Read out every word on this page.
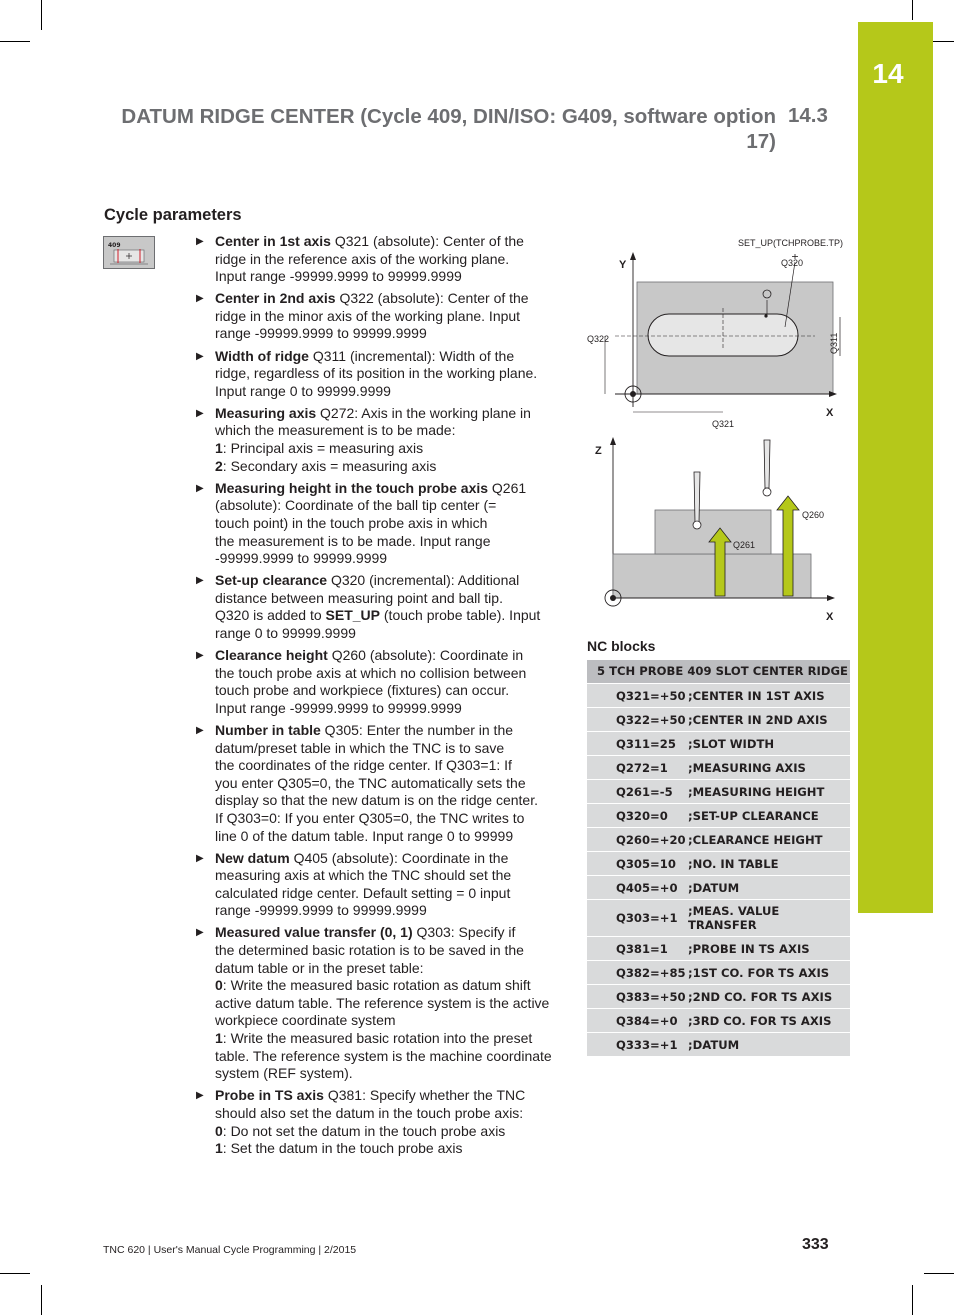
14
DATUM RIDGE CENTER (Cycle 409, DIN/ISO: G409, software option
17)
14.3
Cycle parameters
409	▶ Center in 1st axis Q321 (absolute): Center of the
ridge in the reference axis of the working plane.
Input range -99999.9999 to 99999.9999
▶ Center in 2nd axis Q322 (absolute): Center of the
ridge in the minor axis of the working plane. Input
range -99999.9999 to 99999.9999
▶ Width of ridge Q311 (incremental): Width of the
ridge, regardless of its position in the working plane.
Input range 0 to 99999.9999
▶ Measuring axis Q272: Axis in the working plane in
which the measurement is to be made:
1: Principal axis = measuring axis
2: Secondary axis = measuring axis
▶ Measuring height in the touch probe axis Q261
(absolute): Coordinate of the ball tip center (=
touch point) in the touch probe axis in which
the measurement is to be made. Input range
-99999.9999 to 99999.9999
▶ Set-up clearance Q320 (incremental): Additional
distance between measuring point and ball tip.
Q320 is added to SET_UP (touch probe table). Input
range 0 to 99999.9999
▶ Clearance height Q260 (absolute): Coordinate in
the touch probe axis at which no collision between
touch probe and workpiece (fixtures) can occur.
Input range -99999.9999 to 99999.9999
▶ Number in table Q305: Enter the number in the
datum/preset table in which the TNC is to save
the coordinates of the ridge center. If Q303=1: If
you enter Q305=0, the TNC automatically sets the
display so that the new datum is on the ridge center.
If Q303=0: If you enter Q305=0, the TNC writes to
line 0 of the datum table. Input range 0 to 99999
▶ New datum Q405 (absolute): Coordinate in the
measuring axis at which the TNC should set the
calculated ridge center. Default setting = 0 input
range -99999.9999 to 99999.9999
▶ Measured value transfer (0, 1) Q303: Specify if
the determined basic rotation is to be saved in the
datum table or in the preset table:
0: Write the measured basic rotation as datum shift active datum table. The reference system is the active workpiece coordinate system
1: Write the measured basic rotation into the preset table. The reference system is the machine coordinate system (REF system).
▶ Probe in TS axis Q381: Specify whether the TNC
should also set the datum in the touch probe axis:
0: Do not set the datum in the touch probe axis
1: Set the datum in the touch probe axis
SET_UP(TCHPROBE.TP)
Q320
Y
Q311
Q322
Q321
X
Z
Q261
Q260
X
NC blocks
5 TCH PROBE 409 SLOT CENTER RIDGE
Q321=+50 ;CENTER IN 1ST AXIS
Q322=+50 ;CENTER IN 2ND AXIS
Q311=25	;SLOT WIDTH
Q272=1	;MEASURING AXIS
Q261=-5	;MEASURING HEIGHT
Q320=0	;SET-UP CLEARANCE
Q260=+20 ;CLEARANCE HEIGHT
Q305=10	;NO. IN TABLE
Q405=+0 ;DATUM
Q303=+1 ;MEAS. VALUE TRANSFER
Q381=1	;PROBE IN TS AXIS
Q382=+85 ;1ST CO. FOR TS AXIS
Q383=+50 ;2ND CO. FOR TS AXIS
Q384=+0 ;3RD CO. FOR TS AXIS
Q333=+1 ;DATUM
TNC 620 | User's Manual Cycle Programming | 2/2015	333
